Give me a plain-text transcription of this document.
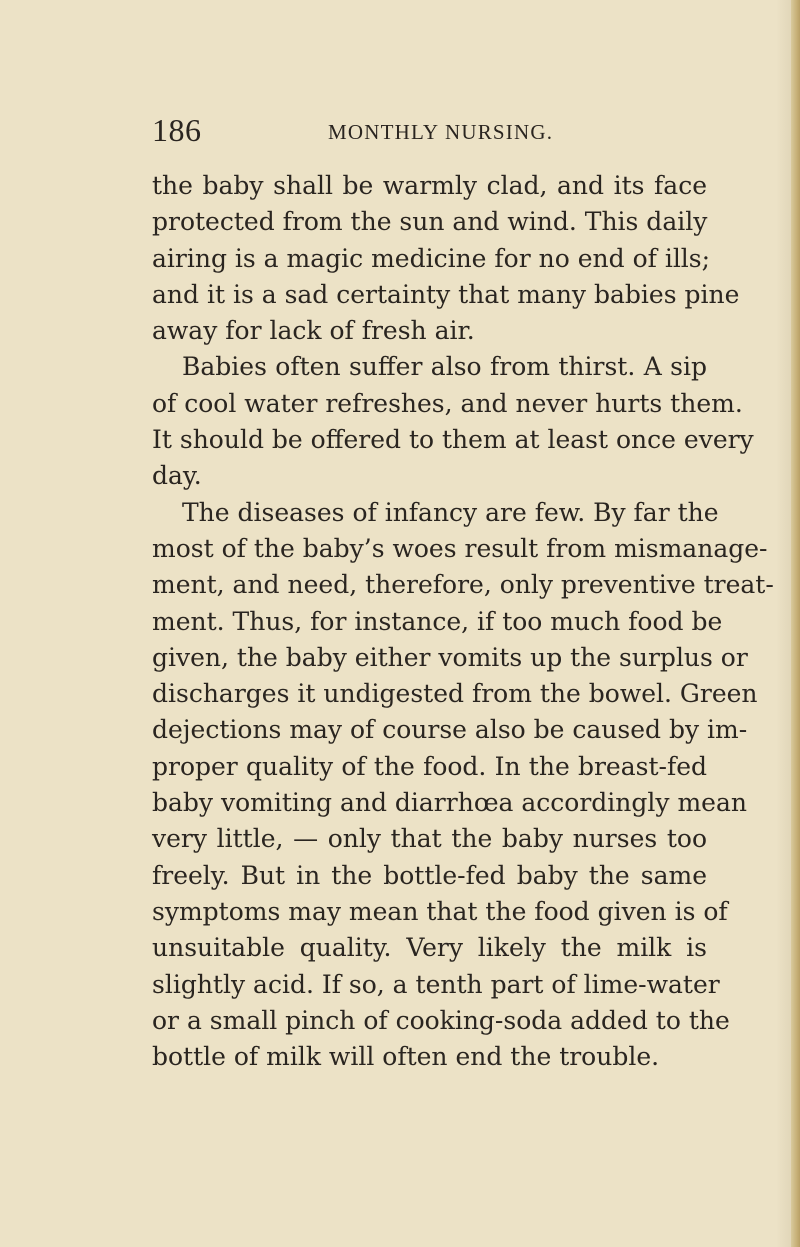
186	MONTHLY NURSING.
the baby shall be warmly clad, and its face
protected from the sun and wind. This daily
airing is a magic medicine for no end of ills;
and it is a sad certainty that many babies pine
away for lack of fresh air.
Babies often suffer also from thirst. A sip
of cool water refreshes, and never hurts them.
It should be offered to them at least once every
day.
The diseases of infancy are few. By far the
most of the baby’s woes result from mismanage-
ment, and need, therefore, only preventive treat-
ment. Thus, for instance, if too much food be
given, the baby either vomits up the surplus or
discharges it undigested from the bowel. Green
dejections may of course also be caused by im-
proper quality of the food. In the breast-fed
baby vomiting and diarrhœa accordingly mean
very little, — only that the baby nurses too
freely. But in the bottle-fed baby the same
symptoms may mean that the food given is of
unsuitable quality. Very likely the milk is
slightly acid. If so, a tenth part of lime-water
or a small pinch of cooking-soda added to the
bottle of milk will often end the trouble.
